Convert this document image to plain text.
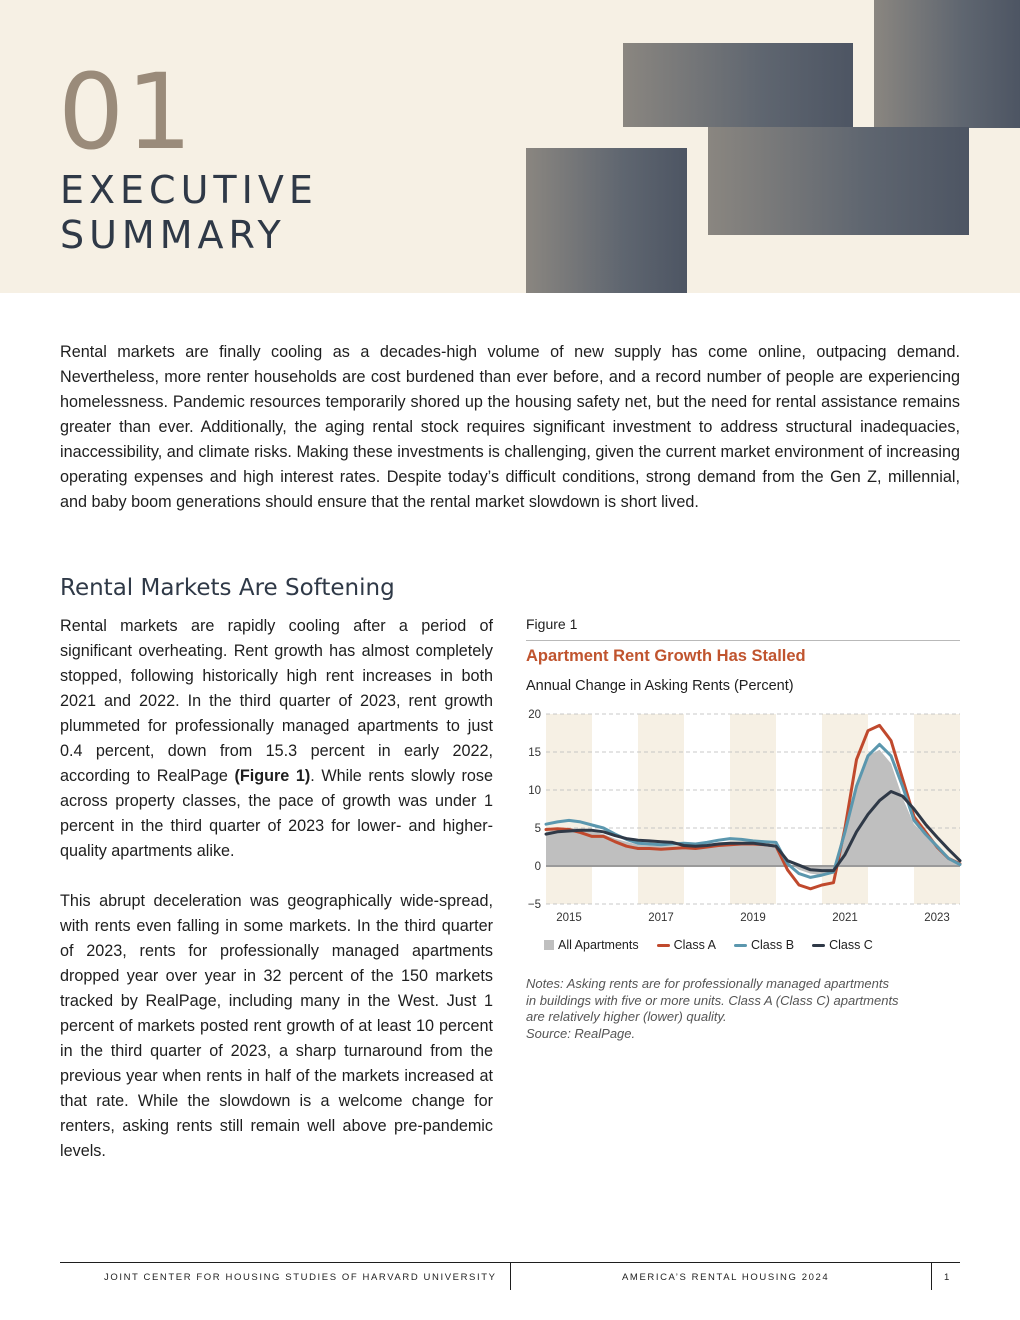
01
EXECUTIVE
SUMMARY
Rental markets are finally cooling as a decades-high volume of new supply has come online, outpacing demand. Nevertheless, more renter households are cost burdened than ever before, and a record number of people are experiencing homelessness. Pandemic resources temporarily shored up the housing safety net, but the need for rental assistance remains greater than ever. Additionally, the aging rental stock requires significant investment to address structural inadequacies, inaccessibility, and climate risks. Making these investments is challenging, given the current market environment of increasing operating expenses and high interest rates. Despite today’s difficult conditions, strong demand from the Gen Z, millennial, and baby boom generations should ensure that the rental market slowdown is short lived.
Rental Markets Are Softening

Rental markets are rapidly cooling after a period of significant overheating. Rent growth has almost completely stopped, following historically high rent increases in both 2021 and 2022. In the third quarter of 2023, rent growth plummeted for professionally managed apartments to just 0.4 percent, down from 15.3 percent in early 2022, according to RealPage (Figure 1). While rents slowly rose across property classes, the pace of growth was under 1 percent in the third quarter of 2023 for lower- and higher-quality apartments alike.

This abrupt deceleration was geographically wide-spread, with rents even falling in some markets. In the third quarter of 2023, rents for professionally managed apartments dropped year over year in 32 percent of the 150 markets tracked by RealPage, including many in the West. Just 1 percent of markets posted rent growth of at least 10 percent in the third quarter of 2023, a sharp turnaround from the previous year when rents in half of the markets increased at that rate. While the slowdown is a welcome change for renters, asking rents still remain well above pre-pandemic levels.

Figure 1
Apartment Rent Growth Has Stalled
Annual Change in Asking Rents (Percent)
−5
0
5
10
15
20
2015	2017	2019	2021	2023
All Apartments	Class A	Class B	Class C
Notes: Asking rents are for professionally managed apartments
in buildings with five or more units. Class A (Class C) apartments
are relatively higher (lower) quality.
Source: RealPage.
JOINT CENTER FOR HOUSING STUDIES OF HARVARD UNIVERSITY	AMERICA’S RENTAL HOUSING 2024	1
